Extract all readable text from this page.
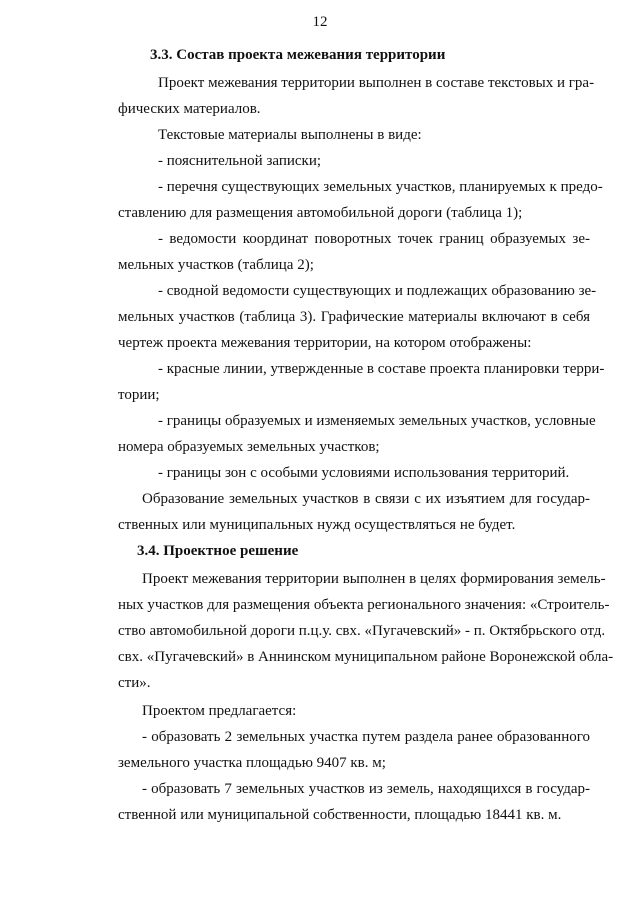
12
3.3. Состав проекта межевания территории
Проект межевания территории выполнен в составе текстовых и гра-
фических материалов.
Текстовые материалы выполнены в виде:
- пояснительной записки;
- перечня существующих земельных участков, планируемых к предо-
ставлению для размещения автомобильной дороги (таблица 1);
- ведомости координат поворотных точек границ образуемых зе-
мельных участков (таблица 2);
- сводной ведомости существующих и подлежащих образованию зе-
мельных участков (таблица 3). Графические материалы включают в себя
чертеж проекта межевания территории, на котором отображены:
- красные линии, утвержденные в составе проекта планировки терри-
тории;
- границы образуемых и изменяемых земельных участков, условные
номера образуемых земельных участков;
- границы зон с особыми условиями использования территорий.
Образование земельных участков в связи с их изъятием для государ-
ственных или муниципальных нужд осуществляться не будет.
3.4. Проектное решение
Проект межевания территории выполнен в целях формирования земель-
ных участков для размещения объекта регионального значения: «Строитель-
ство автомобильной дороги п.ц.у. свх. «Пугачевский» - п. Октябрьского отд.
свх. «Пугачевский» в Аннинском муниципальном районе Воронежской обла-
сти».
Проектом предлагается:
- образовать 2 земельных участка путем раздела ранее образованного
земельного участка площадью 9407 кв. м;
- образовать 7 земельных участков из земель, находящихся в государ-
ственной или муниципальной собственности, площадью 18441 кв. м.
